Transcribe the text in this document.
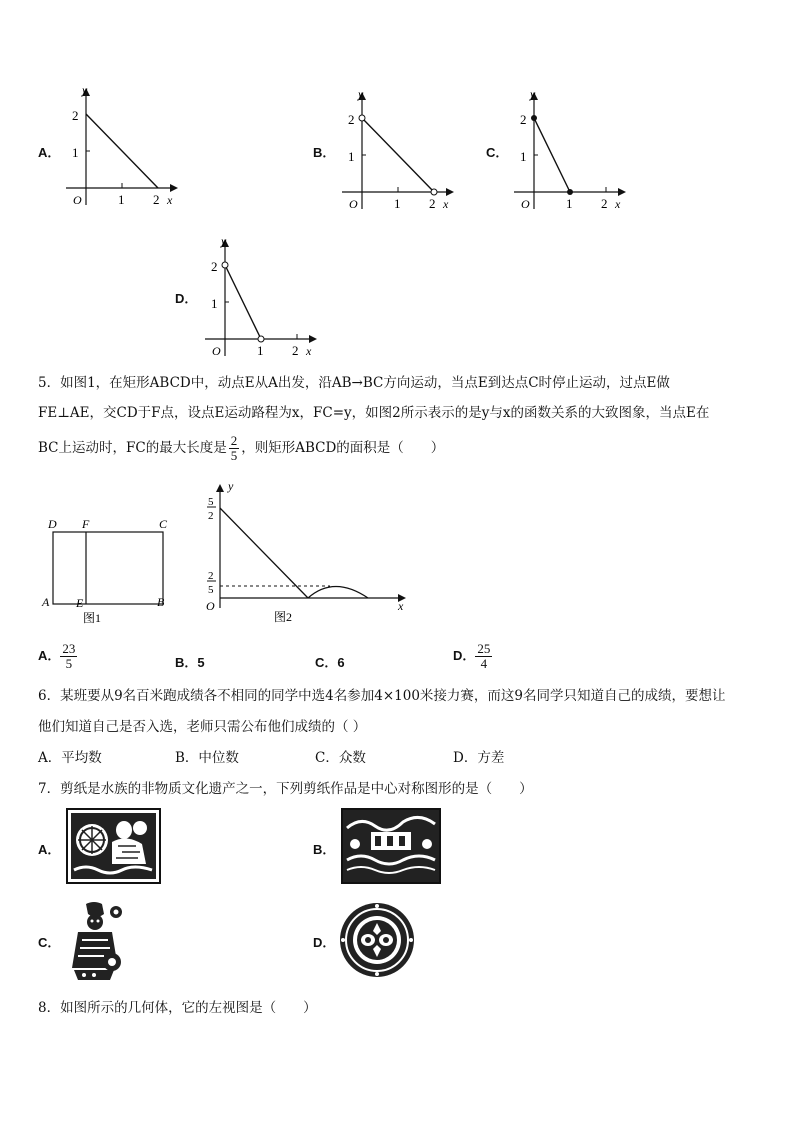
A．
y
2
1
O	1 2 x
B．
y
2
1
O	1 2 x
C．
y
2
1
O	1 2 x
D．
y
2
1
O	1 2 x
5．如图1，在矩形ABCD中，动点E从A出发，沿AB→BC方向运动，当点E到达点C时停止运动，过点E做
FE⊥AE，交CD于F点，设点E运动路程为x，FC=y，如图2所示表示的是y与x的函数关系的大致图象，当点E在
BC上运动时，FC的最大长度是 $\frac{2}{5}$ ，则矩形ABCD的面积是（　　）
D F	C
A E	B
图1
y
5
2
2
5
O	x
图2
A． $\frac{23}{5}$	B．5	C．6	D． $\frac{25}{4}$
6．某班要从9名百米跑成绩各不相同的同学中选4名参加4×100米接力赛，而这9名同学只知道自己的成绩，要想让
他们知道自己是否入选，老师只需公布他们成绩的（ ）
A．平均数	B．中位数	C．众数	D．方差
7．剪纸是水族的非物质文化遗产之一，下列剪纸作品是中心对称图形的是（　　）
A．	B．
C．	D．
8．如图所示的几何体，它的左视图是（　　）
